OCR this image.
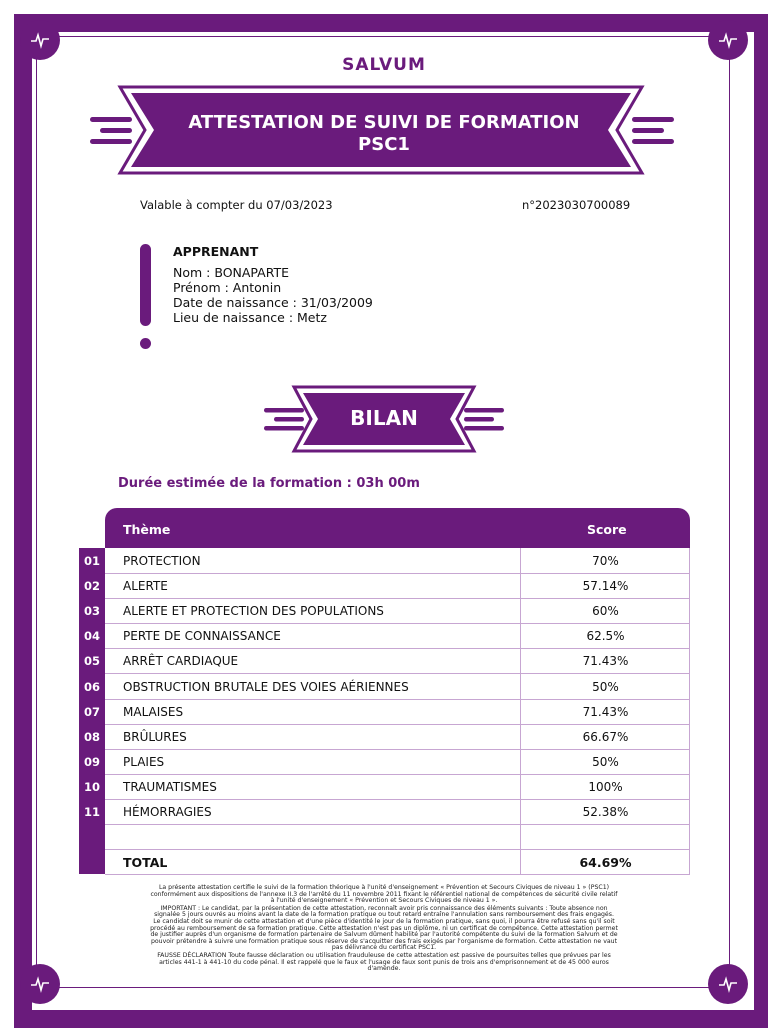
SALVUM
ATTESTATION DE SUIVI DE FORMATION
PSC1
Valable à compter du 07/03/2023	n°2023030700089
APPRENANT
Nom : BONAPARTE
Prénom : Antonin
Date de naissance : 31/03/2009
Lieu de naissance : Metz
BILAN
Durée estimée de la formation : 03h 00m
Thème	Score
01	PROTECTION	70%
02	ALERTE	57.14%
03	ALERTE ET PROTECTION DES POPULATIONS	60%
04	PERTE DE CONNAISSANCE	62.5%
05	ARRÊT CARDIAQUE	71.43%
06	OBSTRUCTION BRUTALE DES VOIES AÉRIENNES	50%
07	MALAISES	71.43%
08	BRÛLURES	66.67%
09	PLAIES	50%
10	TRAUMATISMES	100%
11	HÉMORRAGIES	52.38%
TOTAL	64.69%

La présente attestation certifie le suivi de la formation théorique à l'unité d'enseignement « Prévention et Secours Civiques de niveau 1 » (PSC1) conformément aux dispositions de l'annexe II.3 de l'arrêté du 11 novembre 2011 fixant le référentiel national de compétences de sécurité civile relatif à l'unité d'enseignement « Prévention et Secours Civiques de niveau 1 ».

IMPORTANT : Le candidat, par la présentation de cette attestation, reconnaît avoir pris connaissance des éléments suivants : Toute absence non signalée 5 jours ouvrés au moins avant la date de la formation pratique ou tout retard entraîne l'annulation sans remboursement des frais engagés. Le candidat doit se munir de cette attestation et d'une pièce d'identité le jour de la formation pratique, sans quoi, il pourra être refusé sans qu'il soit procédé au remboursement de sa formation pratique. Cette attestation n'est pas un diplôme, ni un certificat de compétence. Cette attestation permet de justifier auprès d'un organisme de formation partenaire de Salvum dûment habilité par l'autorité compétente du suivi de la formation Salvum et de pouvoir prétendre à suivre une formation pratique sous réserve de s'acquitter des frais exigés par l'organisme de formation. Cette attestation ne vaut pas délivrance du certificat PSC1.

FAUSSE DÉCLARATION Toute fausse déclaration ou utilisation frauduleuse de cette attestation est passive de poursuites telles que prévues par les articles 441-1 à 441-10 du code pénal. Il est rappelé que le faux et l'usage de faux sont punis de trois ans d'emprisonnement et de 45 000 euros d'amende.
